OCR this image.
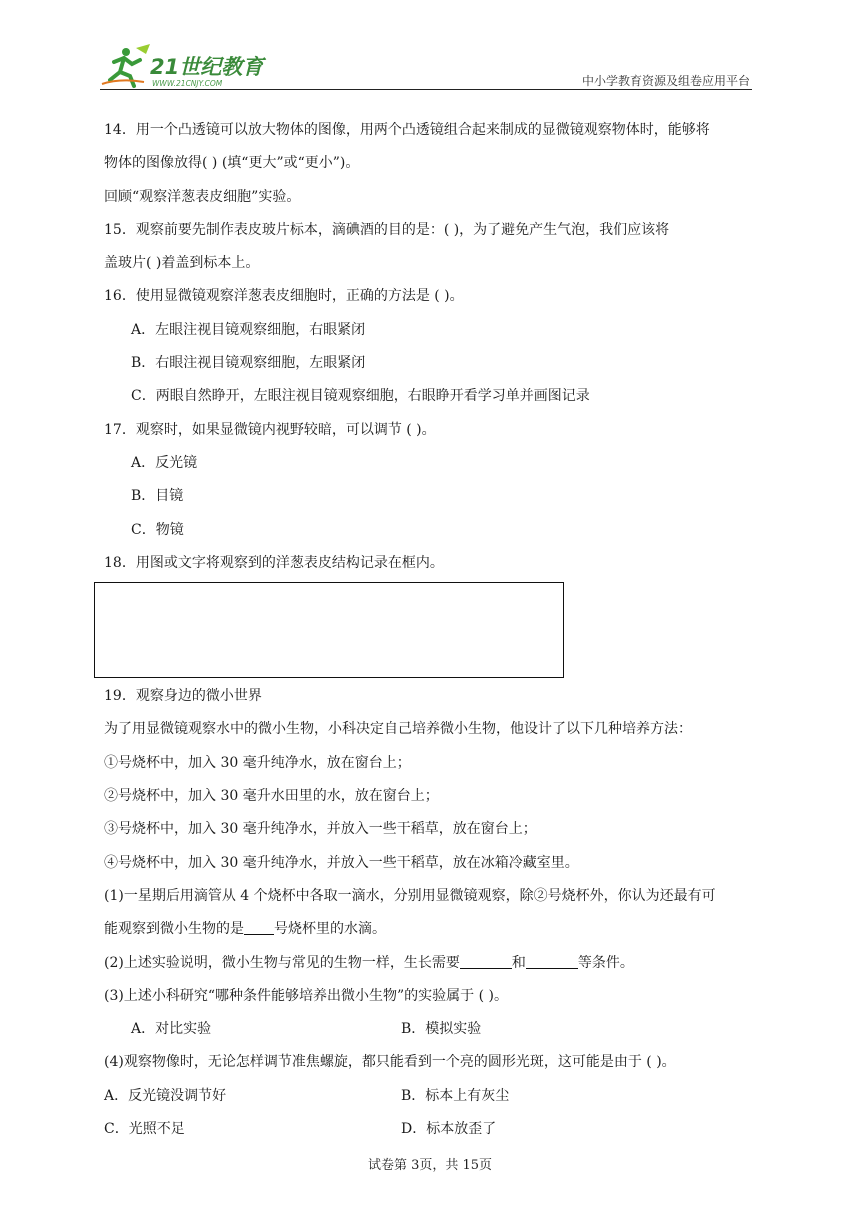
21世纪教育
WWW.21CNJY.COM	中小学教育资源及组卷应用平台
14．用一个凸透镜可以放大物体的图像，用两个凸透镜组合起来制成的显微镜观察物体时，能够将
物体的图像放得( ) (填“更大”或“更小”)。
回顾“观察洋葱表皮细胞”实验。
15．观察前要先制作表皮玻片标本，滴碘酒的目的是：( )，为了避免产生气泡，我们应该将
盖玻片( )着盖到标本上。
16．使用显微镜观察洋葱表皮细胞时，正确的方法是 ( )。
A．左眼注视目镜观察细胞，右眼紧闭
B．右眼注视目镜观察细胞，左眼紧闭
C．两眼自然睁开，左眼注视目镜观察细胞，右眼睁开看学习单并画图记录
17．观察时，如果显微镜内视野较暗，可以调节 ( )。
A．反光镜
B．目镜
C．物镜
18．用图或文字将观察到的洋葱表皮结构记录在框内。
19．观察身边的微小世界
为了用显微镜观察水中的微小生物，小科决定自己培养微小生物，他设计了以下几种培养方法：
①号烧杯中，加入 30 毫升纯净水，放在窗台上；
②号烧杯中，加入 30 毫升水田里的水，放在窗台上；
③号烧杯中，加入 30 毫升纯净水，并放入一些干稻草，放在窗台上；
④号烧杯中，加入 30 毫升纯净水，并放入一些干稻草，放在冰箱冷藏室里。
(1)一星期后用滴管从 4 个烧杯中各取一滴水，分别用显微镜观察，除②号烧杯外，你认为还最有可
能观察到微小生物的是 号烧杯里的水滴。
(2)上述实验说明，微小生物与常见的生物一样，生长需要	和	等条件。
(3)上述小科研究“哪种条件能够培养出微小生物”的实验属于 ( )。
A．对比实验	B．模拟实验
(4)观察物像时，无论怎样调节准焦螺旋，都只能看到一个亮的圆形光斑，这可能是由于 ( )。
A．反光镜没调节好	B．标本上有灰尘
C．光照不足	D．标本放歪了
试卷第 3页，共 15页
